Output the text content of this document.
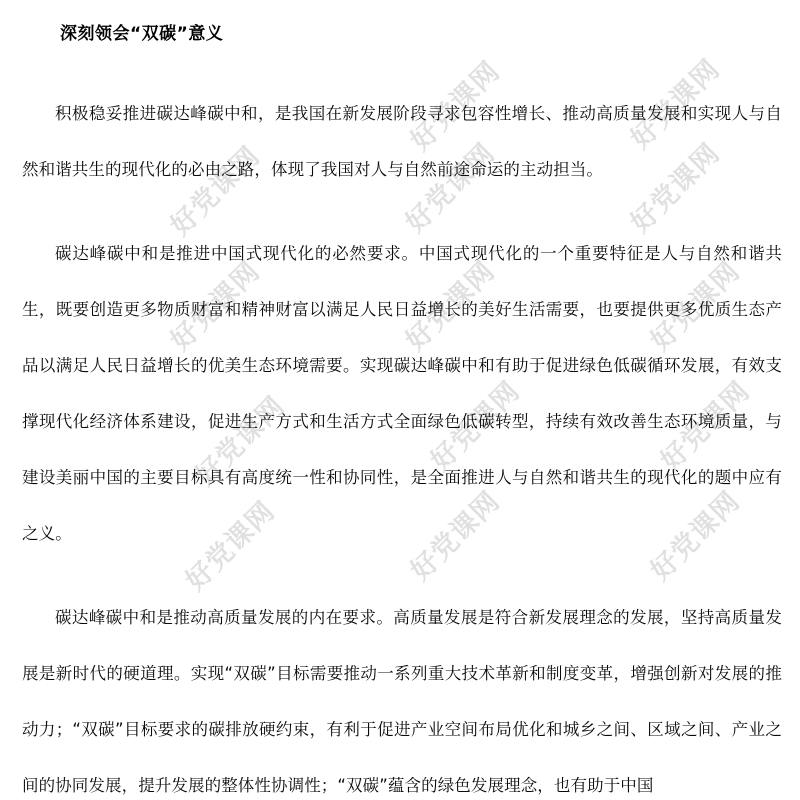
好党课网	好党课网
好党课网	好党课网	好党课网
好党课网	好党课网	好党课网
好党课网	好党课网	好党课网
好党课网	好党课网	好党课网
深刻领会“双碳”意义

积极稳妥推进碳达峰碳中和，是我国在新发展阶段寻求包容性增长、推动高质量发展和实现人与自然和谐共生的现代化的必由之路，体现了我国对人与自然前途命运的主动担当。

碳达峰碳中和是推进中国式现代化的必然要求。中国式现代化的一个重要特征是人与自然和谐共生，既要创造更多物质财富和精神财富以满足人民日益增长的美好生活需要，也要提供更多优质生态产品以满足人民日益增长的优美生态环境需要。实现碳达峰碳中和有助于促进绿色低碳循环发展，有效支撑现代化经济体系建设，促进生产方式和生活方式全面绿色低碳转型，持续有效改善生态环境质量，与建设美丽中国的主要目标具有高度统一性和协同性，是全面推进人与自然和谐共生的现代化的题中应有之义。

碳达峰碳中和是推动高质量发展的内在要求。高质量发展是符合新发展理念的发展，坚持高质量发展是新时代的硬道理。实现“双碳”目标需要推动一系列重大技术革新和制度变革，增强创新对发展的推动力；“双碳”目标要求的碳排放硬约束，有利于促进产业空间布局优化和城乡之间、区域之间、产业之间的协同发展，提升发展的整体性协调性；“双碳”蕴含的绿色发展理念，也有助于中国
